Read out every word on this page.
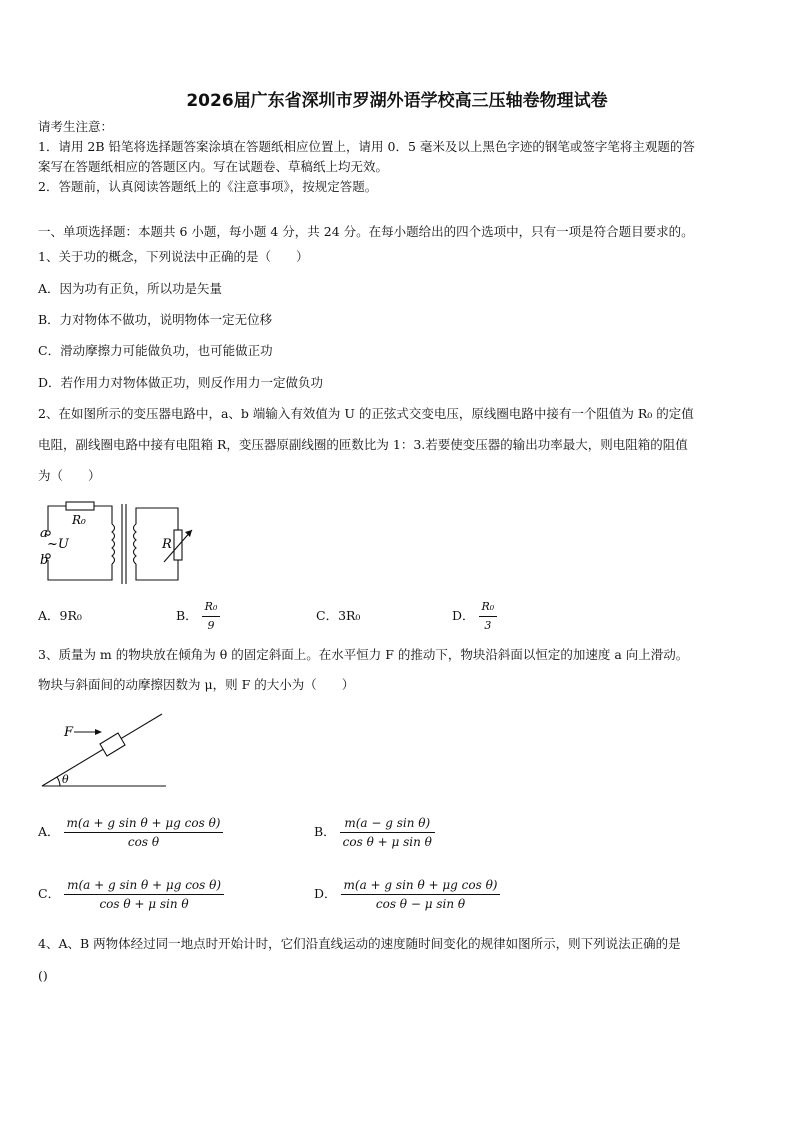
2026届广东省深圳市罗湖外语学校高三压轴卷物理试卷
请考生注意：
1．请用 2B 铅笔将选择题答案涂填在答题纸相应位置上，请用 0．5 毫米及以上黑色字迹的钢笔或签字笔将主观题的答
案写在答题纸相应的答题区内。写在试题卷、草稿纸上均无效。
2．答题前，认真阅读答题纸上的《注意事项》，按规定答题。
一、单项选择题：本题共 6 小题，每小题 4 分，共 24 分。在每小题给出的四个选项中，只有一项是符合题目要求的。
1、关于功的概念，下列说法中正确的是（　　）
A．因为功有正负，所以功是矢量
B．力对物体不做功，说明物体一定无位移
C．滑动摩擦力可能做负功，也可能做正功
D．若作用力对物体做正功，则反作用力一定做负功
2、在如图所示的变压器电路中，a、b 端输入有效值为 U 的正弦式交变电压，原线圈电路中接有一个阻值为 R₀ 的定值
电阻，副线圈电路中接有电阻箱 R，变压器原副线圈的匝数比为 1：3.若要使变压器的输出功率最大，则电阻箱的阻值
为（　　）
a
b
~U
R₀
R
A．9R₀	B． $\frac{\text{R₀}}{9}$	C．3R₀	D． $\frac{\text{R₀}}{3}$
3、质量为 m 的物块放在倾角为 θ 的固定斜面上。在水平恒力 F 的推动下，物块沿斜面以恒定的加速度 a 向上滑动。
物块与斜面间的动摩擦因数为 μ，则 F 的大小为（　　）
F
θ
A． $\frac{\text{m(a + g sin θ + μg cos θ)}}{\text{cos θ}}$	B． $\frac{\text{m(a − g sin θ)}}{\text{cos θ + μ sin θ}}$
C． $\frac{\text{m(a + g sin θ + μg cos θ)}}{\text{cos θ + μ sin θ}}$	D． $\frac{\text{m(a + g sin θ + μg cos θ)}}{\text{cos θ − μ sin θ}}$
4、A、B 两物体经过同一地点时开始计时，它们沿直线运动的速度随时间变化的规律如图所示，则下列说法正确的是
()
